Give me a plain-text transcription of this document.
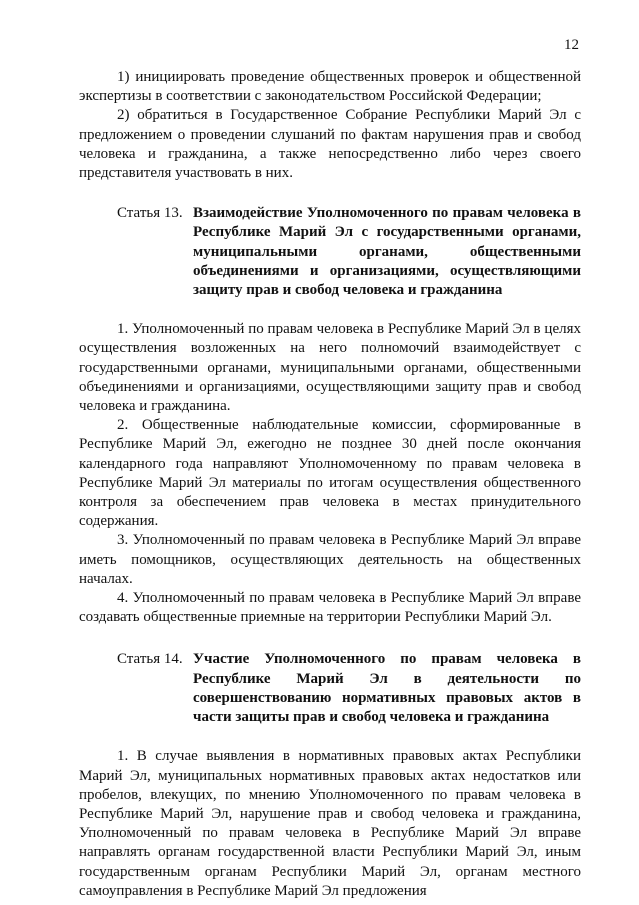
12

1) инициировать проведение общественных проверок и общественной экспертизы в соответствии с законодательством Российской Федерации;

2) обратиться в Государственное Собрание Республики Марий Эл с предложением о проведении слушаний по фактам нарушения прав и свобод человека и гражданина, а также непосредственно либо через своего представителя участвовать в них.

Статья 13. Взаимодействие Уполномоченного по правам человека в Республике Марий Эл с государственными органами, муниципальными органами, общественными объединениями и организациями, осуществляющими защиту прав и свобод человека и гражданина

1. Уполномоченный по правам человека в Республике Марий Эл в целях осуществления возложенных на него полномочий взаимодействует с государственными органами, муниципальными органами, общественными объединениями и организациями, осуществляющими защиту прав и свобод человека и гражданина.

2. Общественные наблюдательные комиссии, сформированные в Республике Марий Эл, ежегодно не позднее 30 дней после окончания календарного года направляют Уполномоченному по правам человека в Республике Марий Эл материалы по итогам осуществления общественного контроля за обеспечением прав человека в местах принудительного содержания.

3. Уполномоченный по правам человека в Республике Марий Эл вправе иметь помощников, осуществляющих деятельность на общественных началах.

4. Уполномоченный по правам человека в Республике Марий Эл вправе создавать общественные приемные на территории Республики Марий Эл.

Статья 14. Участие Уполномоченного по правам человека в Республике Марий Эл в деятельности по совершенствованию нормативных правовых актов в части защиты прав и свобод человека и гражданина

1. В случае выявления в нормативных правовых актах Республики Марий Эл, муниципальных нормативных правовых актах недостатков или пробелов, влекущих, по мнению Уполномоченного по правам человека в Республике Марий Эл, нарушение прав и свобод человека и гражданина, Уполномоченный по правам человека в Республике Марий Эл вправе направлять органам государственной власти Республики Марий Эл, иным государственным органам Республики Марий Эл, органам местного самоуправления в Республике Марий Эл предложения
